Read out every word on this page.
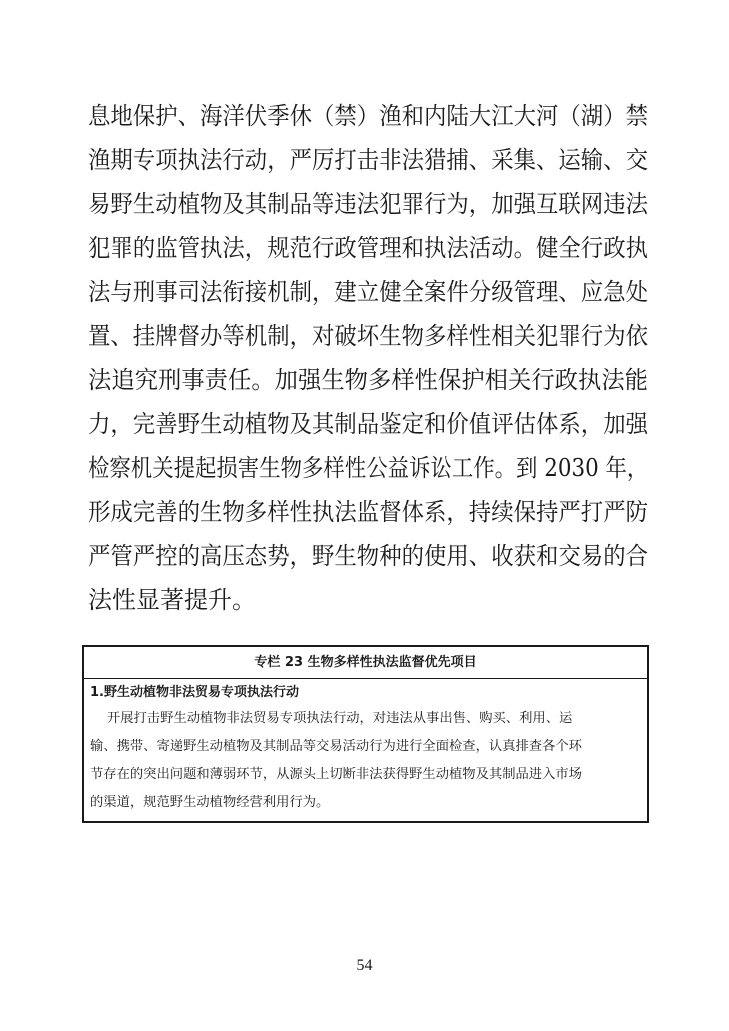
息地保护、海洋伏季休（禁）渔和内陆大江大河（湖）禁
渔期专项执法行动，严厉打击非法猎捕、采集、运输、交
易野生动植物及其制品等违法犯罪行为，加强互联网违法
犯罪的监管执法，规范行政管理和执法活动。健全行政执
法与刑事司法衔接机制，建立健全案件分级管理、应急处
置、挂牌督办等机制，对破坏生物多样性相关犯罪行为依
法追究刑事责任。加强生物多样性保护相关行政执法能
力，完善野生动植物及其制品鉴定和价值评估体系，加强
检察机关提起损害生物多样性公益诉讼工作。到 2030 年，
形成完善的生物多样性执法监督体系，持续保持严打严防
严管严控的高压态势，野生物种的使用、收获和交易的合
法性显著提升。
专栏 23 生物多样性执法监督优先项目
1.野生动植物非法贸易专项执法行动
开展打击野生动植物非法贸易专项执法行动，对违法从事出售、购买、利用、运
输、携带、寄递野生动植物及其制品等交易活动行为进行全面检查，认真排查各个环
节存在的突出问题和薄弱环节，从源头上切断非法获得野生动植物及其制品进入市场
的渠道，规范野生动植物经营利用行为。
54
